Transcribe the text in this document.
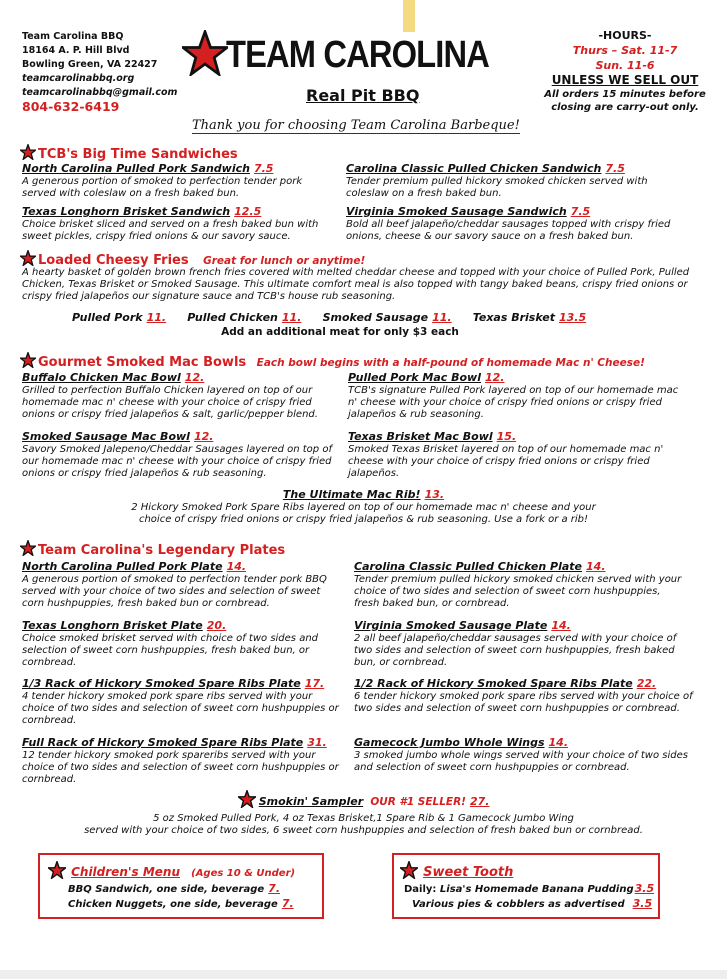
Team Carolina BBQ
18164 A. P. Hill Blvd
Bowling Green, VA 22427
teamcarolinabbq.org
teamcarolinabbq@gmail.com
804-632-6419
TEAM CAROLINA
Real Pit BBQ
Thank you for choosing Team Carolina Barbeque!
-HOURS-
Thurs – Sat. 11-7
Sun. 11-6
UNLESS WE SELL OUT
All orders 15 minutes before
closing are carry-out only.
TCB's Big Time Sandwiches
North Carolina Pulled Pork Sandwich 7.5
A generous portion of smoked to perfection tender pork served with coleslaw on a fresh baked bun.
Carolina Classic Pulled Chicken Sandwich 7.5
Tender premium pulled hickory smoked chicken served with coleslaw on a fresh baked bun.
Texas Longhorn Brisket Sandwich 12.5
Choice brisket sliced and served on a fresh baked bun with sweet pickles, crispy fried onions & our savory sauce.
Virginia Smoked Sausage Sandwich 7.5
Bold all beef jalapeño/cheddar sausages topped with crispy fried onions, cheese & our savory sauce on a fresh baked bun.
Loaded Cheesy Fries Great for lunch or anytime!
A hearty basket of golden brown french fries covered with melted cheddar cheese and topped with your choice of Pulled Pork, Pulled Chicken, Texas Brisket or Smoked Sausage. This ultimate comfort meal is also topped with tangy baked beans, crispy fried onions or crispy fried jalapeños our signature sauce and TCB's house rub seasoning.
Pulled Pork 11. Pulled Chicken 11. Smoked Sausage 11. Texas Brisket 13.5
Add an additional meat for only $3 each
Gourmet Smoked Mac Bowls Each bowl begins with a half-pound of homemade Mac n' Cheese!
Buffalo Chicken Mac Bowl 12.
Grilled to perfection Buffalo Chicken layered on top of our homemade mac n' cheese with your choice of crispy fried onions or crispy fried jalapeños & salt, garlic/pepper blend.
Pulled Pork Mac Bowl 12.
TCB's signature Pulled Pork layered on top of our homemade mac n' cheese with your choice of crispy fried onions or crispy fried jalapeños & rub seasoning.
Smoked Sausage Mac Bowl 12.
Savory Smoked Jalepeno/Cheddar Sausages layered on top of our homemade mac n' cheese with your choice of crispy fried onions or crispy fried jalapeños & rub seasoning.
Texas Brisket Mac Bowl 15.
Smoked Texas Brisket layered on top of our homemade mac n' cheese with your choice of crispy fried onions or crispy fried jalapeños.
The Ultimate Mac Rib! 13.
2 Hickory Smoked Pork Spare Ribs layered on top of our homemade mac n' cheese and your
choice of crispy fried onions or crispy fried jalapeños & rub seasoning. Use a fork or a rib!
Team Carolina's Legendary Plates
North Carolina Pulled Pork Plate 14.
A generous portion of smoked to perfection tender pork BBQ served with your choice of two sides and selection of sweet corn hushpuppies, fresh baked bun or cornbread.
Carolina Classic Pulled Chicken Plate 14.
Tender premium pulled hickory smoked chicken served with your choice of two sides and selection of sweet corn hushpuppies, fresh baked bun, or cornbread.
Texas Longhorn Brisket Plate 20.
Choice smoked brisket served with choice of two sides and selection of sweet corn hushpuppies, fresh baked bun, or cornbread.
Virginia Smoked Sausage Plate 14.
2 all beef jalapeño/cheddar sausages served with your choice of two sides and selection of sweet corn hushpuppies, fresh baked bun, or cornbread.
1/3 Rack of Hickory Smoked Spare Ribs Plate 17.
4 tender hickory smoked pork spare ribs served with your choice of two sides and selection of sweet corn hushpuppies or cornbread.
1/2 Rack of Hickory Smoked Spare Ribs Plate 22.
6 tender hickory smoked pork spare ribs served with your choice of two sides and selection of sweet corn hushpuppies or cornbread.
Full Rack of Hickory Smoked Spare Ribs Plate 31.
12 tender hickory smoked pork spareribs served with your choice of two sides and selection of sweet corn hushpuppies or cornbread.
Gamecock Jumbo Whole Wings 14.
3 smoked jumbo whole wings served with your choice of two sides and selection of sweet corn hushpuppies or cornbread.
Smokin' Sampler OUR #1 SELLER! 27.
5 oz Smoked Pulled Pork, 4 oz Texas Brisket,1 Spare Rib & 1 Gamecock Jumbo Wing
served with your choice of two sides, 6 sweet corn hushpuppies and selection of fresh baked bun or cornbread.
Children's Menu (Ages 10 & Under)
BBQ Sandwich, one side, beverage 7.
Chicken Nuggets, one side, beverage 7.
Sweet Tooth
Daily: Lisa's Homemade Banana Pudding3.5
Various pies & cobblers as advertised 3.5
